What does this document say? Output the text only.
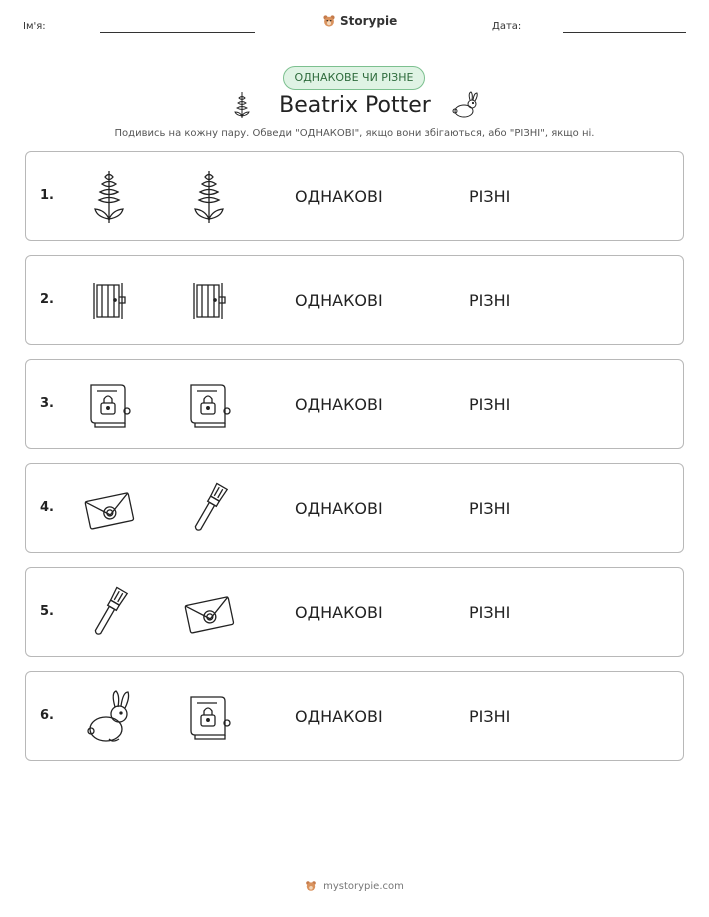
Ім'я:	Storypie	Дата:
ОДНАКОВЕ ЧИ РІЗНЕ
Beatrix Potter
Подивись на кожну пару. Обведи "ОДНАКОВІ", якщо вони збігаються, або "РІЗНІ", якщо ні.
1.	ОДНАКОВІ	РІЗНІ
2.	ОДНАКОВІ	РІЗНІ
3.	ОДНАКОВІ	РІЗНІ
4.	ОДНАКОВІ	РІЗНІ
5.	ОДНАКОВІ	РІЗНІ
6.	ОДНАКОВІ	РІЗНІ
mystorypie.com
